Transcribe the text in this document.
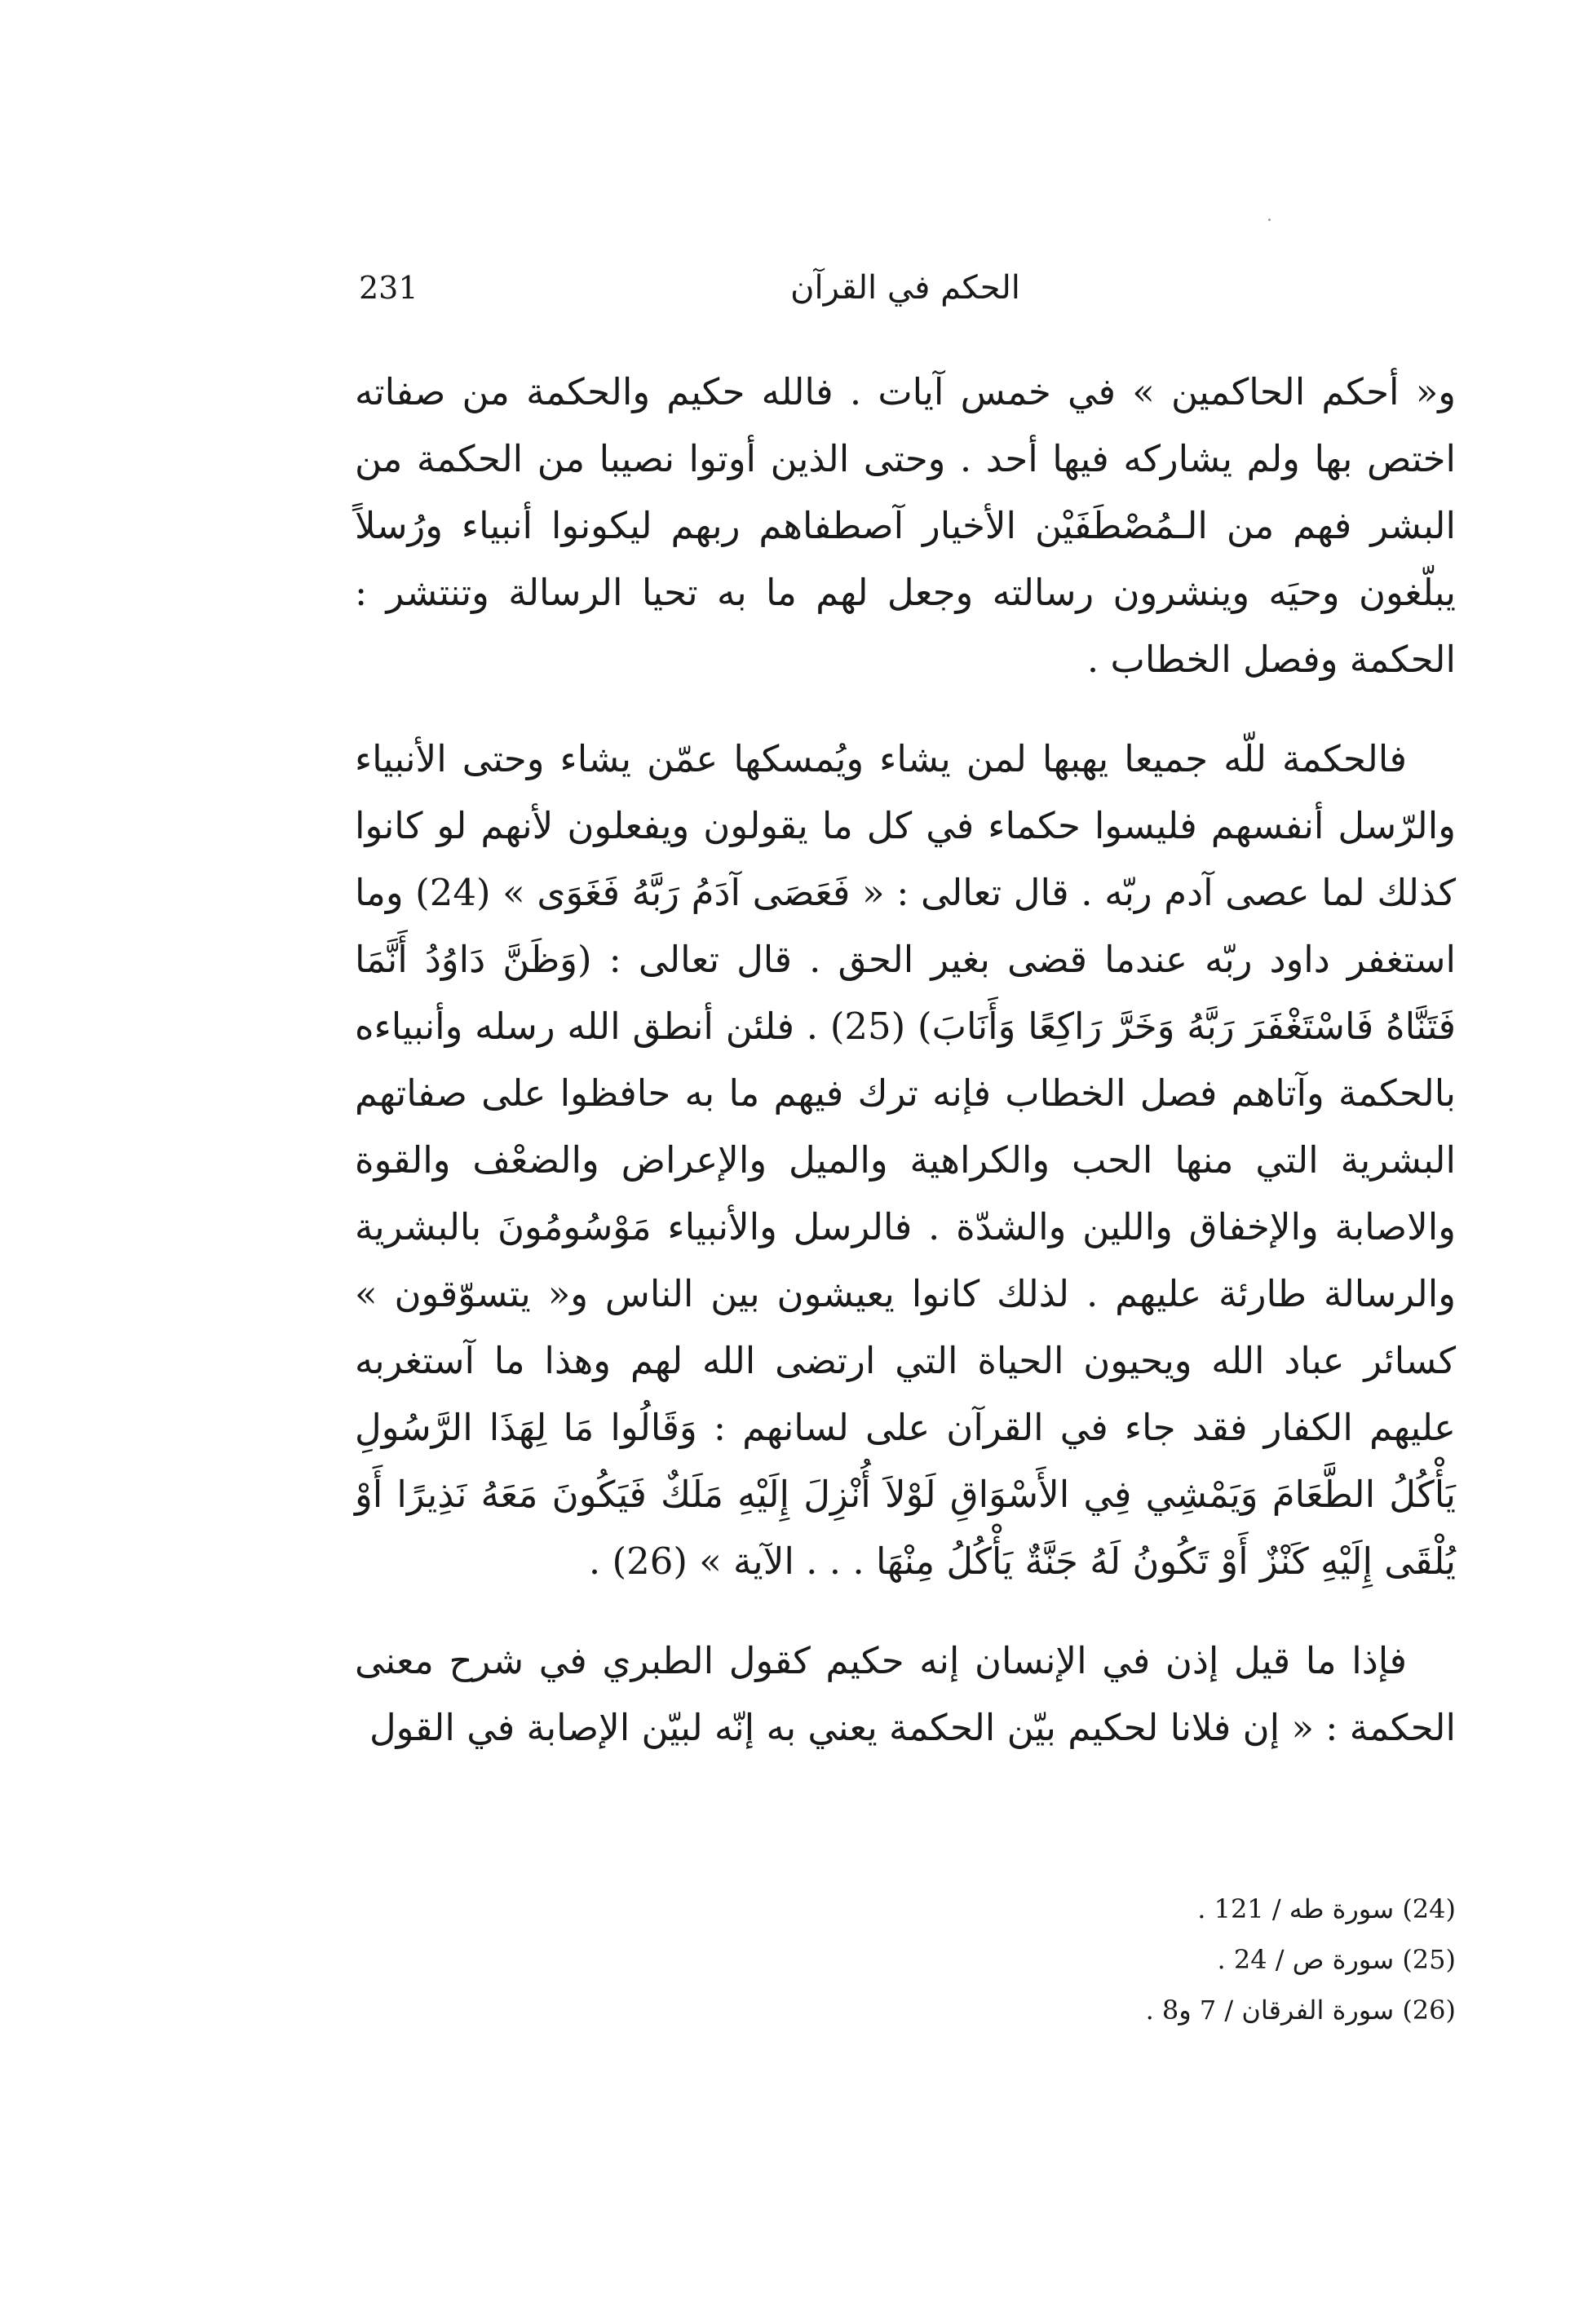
231	الحكم في القرآن

و« أحكم الحاكمين » في خمس آيات . فالله حكيم والحكمة من صفاته اختص بها ولم يشاركه فيها أحد . وحتى الذين أوتوا نصيبا من الحكمة من البشر فهم من الـمُصْطَفَيْن الأخيار آصطفاهم ربهم ليكونوا أنبياء ورُسلاً يبلّغون وحيَه وينشرون رسالته وجعل لهم ما به تحيا الرسالة وتنتشر : الحكمة وفصل الخطاب .

فالحكمة للّه جميعا يهبها لمن يشاء ويُمسكها عمّن يشاء وحتى الأنبياء والرّسل أنفسهم فليسوا حكماء في كل ما يقولون ويفعلون لأنهم لو كانوا كذلك لما عصى آدم ربّه . قال تعالى : « فَعَصَى آدَمُ رَبَّهُ فَغَوَى » (24) وما استغفر داود ربّه عندما قضى بغير الحق . قال تعالى : (وَظَنَّ دَاوُدُ أَنَّمَا فَتَنَّاهُ فَاسْتَغْفَرَ رَبَّهُ وَخَرَّ رَاكِعًا وَأَنَابَ) (25) . فلئن أنطق الله رسله وأنبياءه بالحكمة وآتاهم فصل الخطاب فإنه ترك فيهم ما به حافظوا على صفاتهم البشرية التي منها الحب والكراهية والميل والإعراض والضعْف والقوة والاصابة والإخفاق واللين والشدّة . فالرسل والأنبياء مَوْسُومُونَ بالبشرية والرسالة طارئة عليهم . لذلك كانوا يعيشون بين الناس و« يتسوّقون » كسائر عباد الله ويحيون الحياة التي ارتضى الله لهم وهذا ما آستغربه عليهم الكفار فقد جاء في القرآن على لسانهم : وَقَالُوا مَا لِهَذَا الرَّسُولِ يَأْكُلُ الطَّعَامَ وَيَمْشِي فِي الأَسْوَاقِ لَوْلاَ أُنْزِلَ إِلَيْهِ مَلَكٌ فَيَكُونَ مَعَهُ نَذِيرًا أَوْ يُلْقَى إِلَيْهِ كَنْزٌ أَوْ تَكُونُ لَهُ جَنَّةٌ يَأْكُلُ مِنْهَا . . . الآية » (26) .

فإذا ما قيل إذن في الإنسان إنه حكيم كقول الطبري في شرح معنى الحكمة : « إن فلانا لحكيم بيّن الحكمة يعني به إنّه لبيّن الإصابة في القول

(24) سورة طه / 121 .

(25) سورة ص / 24 .

(26) سورة الفرقان / 7 و8 .
